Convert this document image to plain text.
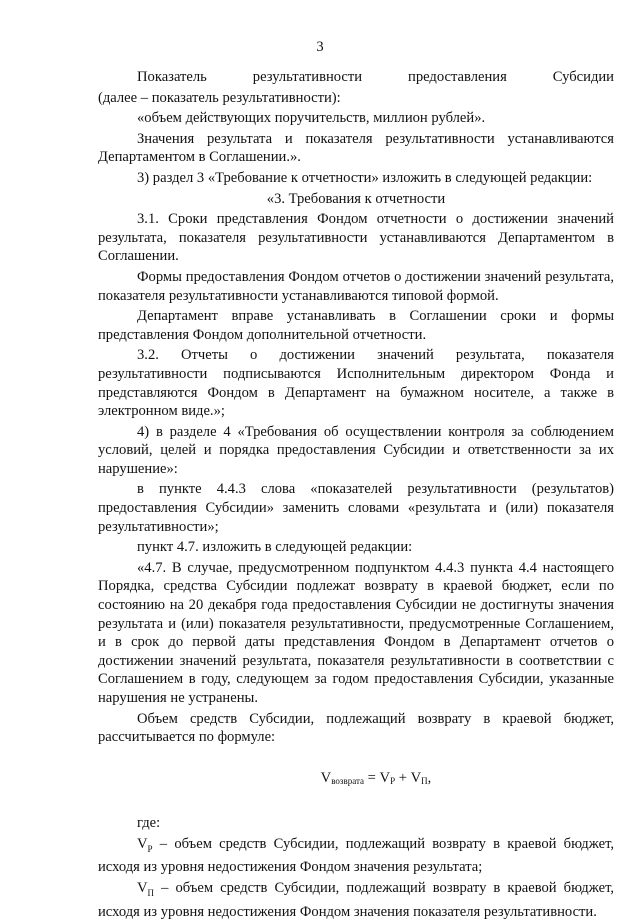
3

Показатель результативности предоставления Субсидии

(далее – показатель результативности):

«объем действующих поручительств, миллион рублей».

Значения результата и показателя результативности устанавливаются Департаментом в Соглашении.».

3) раздел 3 «Требование к отчетности» изложить в следующей редакции:

«3. Требования к отчетности

3.1. Сроки представления Фондом отчетности о достижении значений результата, показателя результативности устанавливаются Департаментом в Соглашении.

Формы предоставления Фондом отчетов о достижении значений результата, показателя результативности устанавливаются типовой формой.

Департамент вправе устанавливать в Соглашении сроки и формы представления Фондом дополнительной отчетности.

3.2. Отчеты о достижении значений результата, показателя результативности подписываются Исполнительным директором Фонда и представляются Фондом в Департамент на бумажном носителе, а также в электронном виде.»;

4) в разделе 4 «Требования об осуществлении контроля за соблюдением условий, целей и порядка предоставления Субсидии и ответственности за их нарушение»:

в пункте 4.4.3 слова «показателей результативности (результатов) предоставления Субсидии» заменить словами «результата и (или) показателя результативности»;

пункт 4.7. изложить в следующей редакции:

«4.7. В случае, предусмотренном подпунктом 4.4.3 пункта 4.4 настоящего Порядка, средства Субсидии подлежат возврату в краевой бюджет, если по состоянию на 20 декабря года предоставления Субсидии не достигнуты значения результата и (или) показателя результативности, предусмотренные Соглашением, и в срок до первой даты представления Фондом в Департамент отчетов о достижении значений результата, показателя результативности в соответствии с Соглашением в году, следующем за годом предоставления Субсидии, указанные нарушения не устранены.

Объем средств Субсидии, подлежащий возврату в краевой бюджет, рассчитывается по формуле:

$V_{возврата} = V_Р + V_П$,

где:

$V_Р$ – объем средств Субсидии, подлежащий возврату в краевой бюджет, исходя из уровня недостижения Фондом значения результата;

$V_П$ – объем средств Субсидии, подлежащий возврату в краевой бюджет, исходя из уровня недостижения Фондом значения показателя результативности.
